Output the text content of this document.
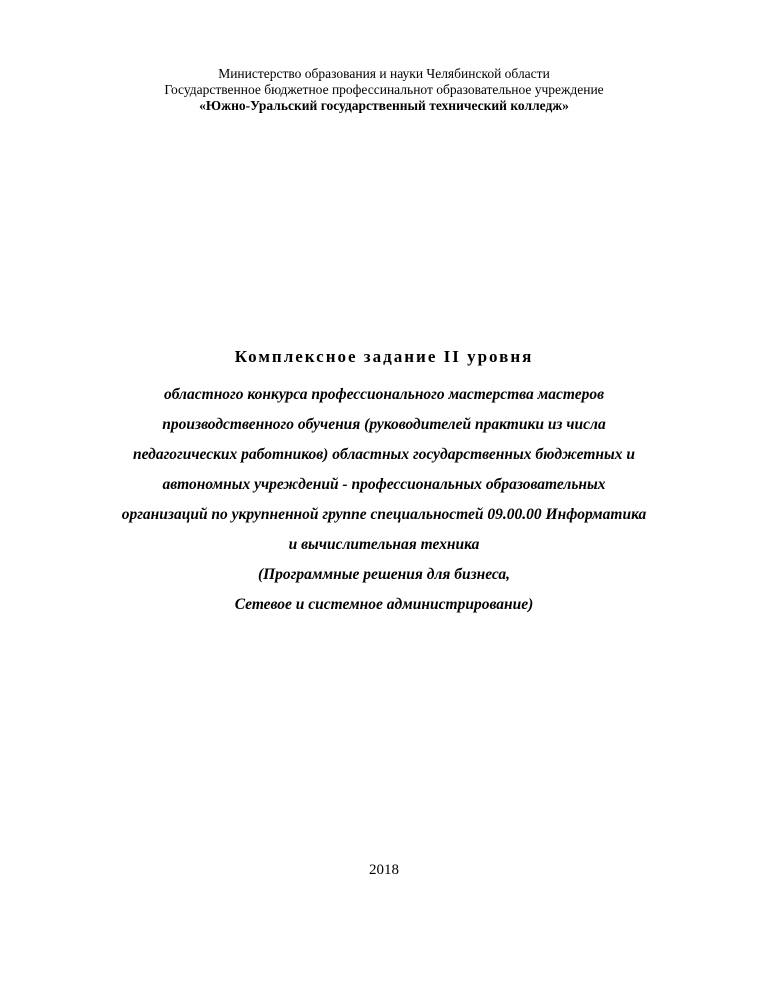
Министерство образования и науки Челябинской области
Государственное бюджетное профессинальнот образовательное учреждение
«Южно-Уральский государственный технический колледж»
Комплексное задание II уровня
областного конкурса профессионального мастерства мастеров
производственного обучения (руководителей практики из числа
педагогических работников) областных государственных бюджетных и
автономных учреждений - профессиональных образовательных
организаций по укрупненной группе специальностей 09.00.00 Информатика
и вычислительная техника
(Программные решения для бизнеса,
Сетевое и системное администрирование)
2018
